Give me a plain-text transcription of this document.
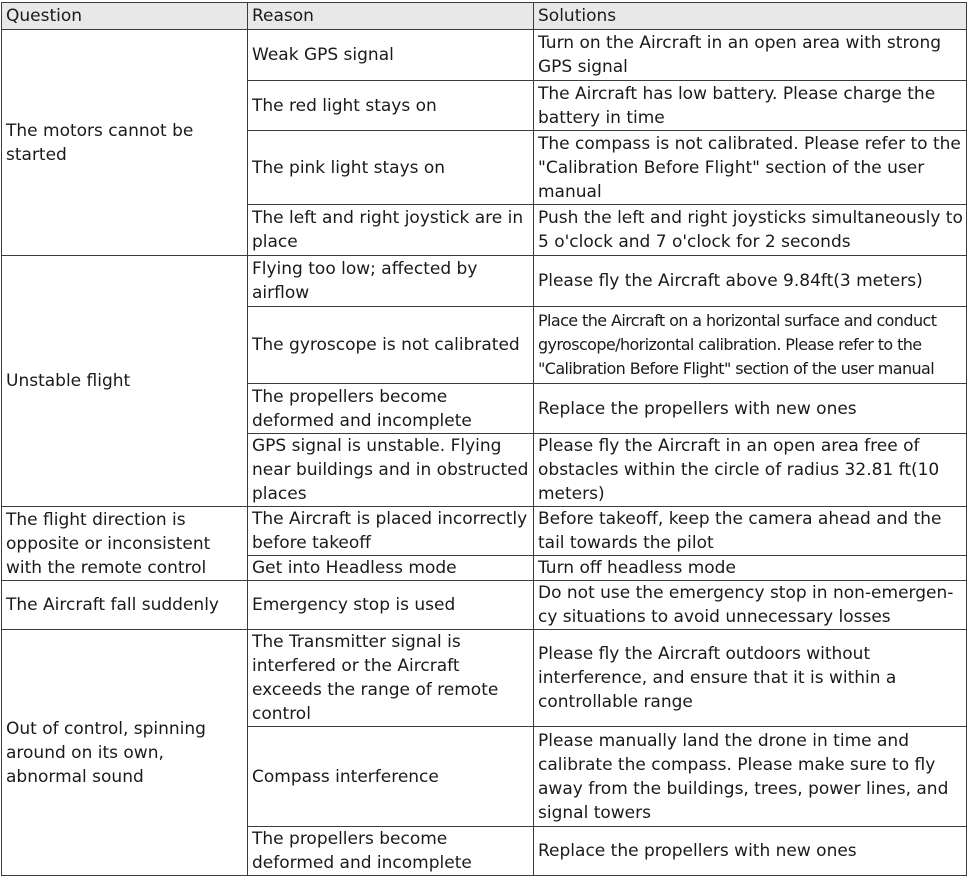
Question	Reason	Solutions
The motors cannot be started	Weak GPS signal	Turn on the Aircraft in an open area with strong GPS signal
	The red light stays on	The Aircraft has low battery. Please charge the battery in time
	The pink light stays on	The compass is not calibrated. Please refer to the "Calibration Before Flight" section of the user manual
	The left and right joystick are in place	Push the left and right joysticks simultaneously to 5 o'clock and 7 o'clock for 2 seconds
Unstable flight	Flying too low; affected by airflow	Please fly the Aircraft above 9.84ft(3 meters)
	The gyroscope is not calibrated	Place the Aircraft on a horizontal surface and conduct gyroscope/horizontal calibration. Please refer to the "Calibration Before Flight" section of the user manual
	The propellers become deformed and incomplete	Replace the propellers with new ones
	GPS signal is unstable. Flying near buildings and in obstructed places	Please fly the Aircraft in an open area free of obstacles within the circle of radius 32.81 ft(10 meters)
The flight direction is opposite or inconsistent with the remote control	The Aircraft is placed incorrectly before takeoff	Before takeoff, keep the camera ahead and the tail towards the pilot
	Get into Headless mode	Turn off headless mode
The Aircraft fall suddenly	Emergency stop is used	Do not use the emergency stop in non-emergen-cy situations to avoid unnecessary losses
Out of control, spinning around on its own, abnormal sound	The Transmitter signal is interfered or the Aircraft exceeds the range of remote control	Please fly the Aircraft outdoors without interference, and ensure that it is within a controllable range
	Compass interference	Please manually land the drone in time and calibrate the compass. Please make sure to fly away from the buildings, trees, power lines, and signal towers
	The propellers become deformed and incomplete	Replace the propellers with new ones
